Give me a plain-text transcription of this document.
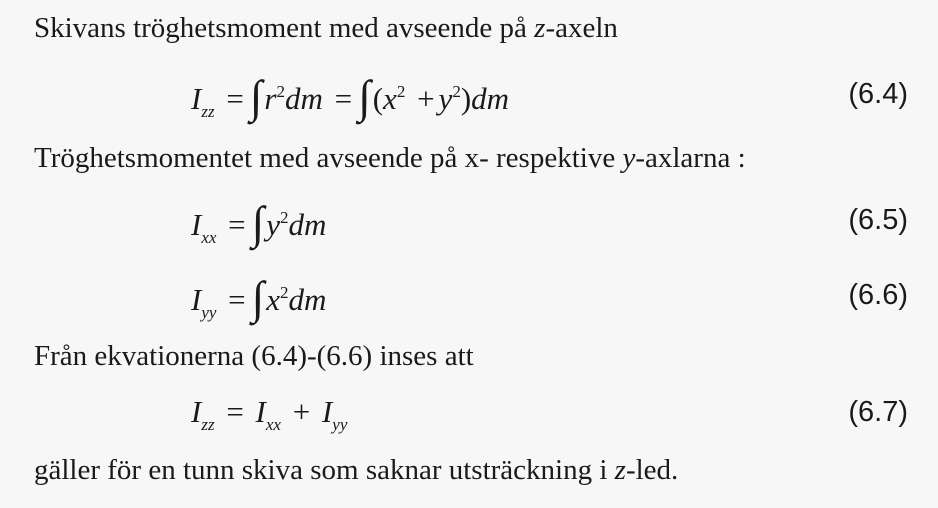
Skivans tröghetsmoment med avseende på z-axeln
$I_{zz} = \int r^2dm = \int(x^2 + y^2)dm$	(6.4)
Tröghetsmomentet med avseende på x- respektive y-axlarna :
$I_{xx} = \int y^2dm$	(6.5)
$I_{yy} = \int x^2dm$	(6.6)
Från ekvationerna (6.4)-(6.6) inses att
$I_{zz} = I_{xx} + I_{yy}$	(6.7)
gäller för en tunn skiva som saknar utsträckning i z-led.
